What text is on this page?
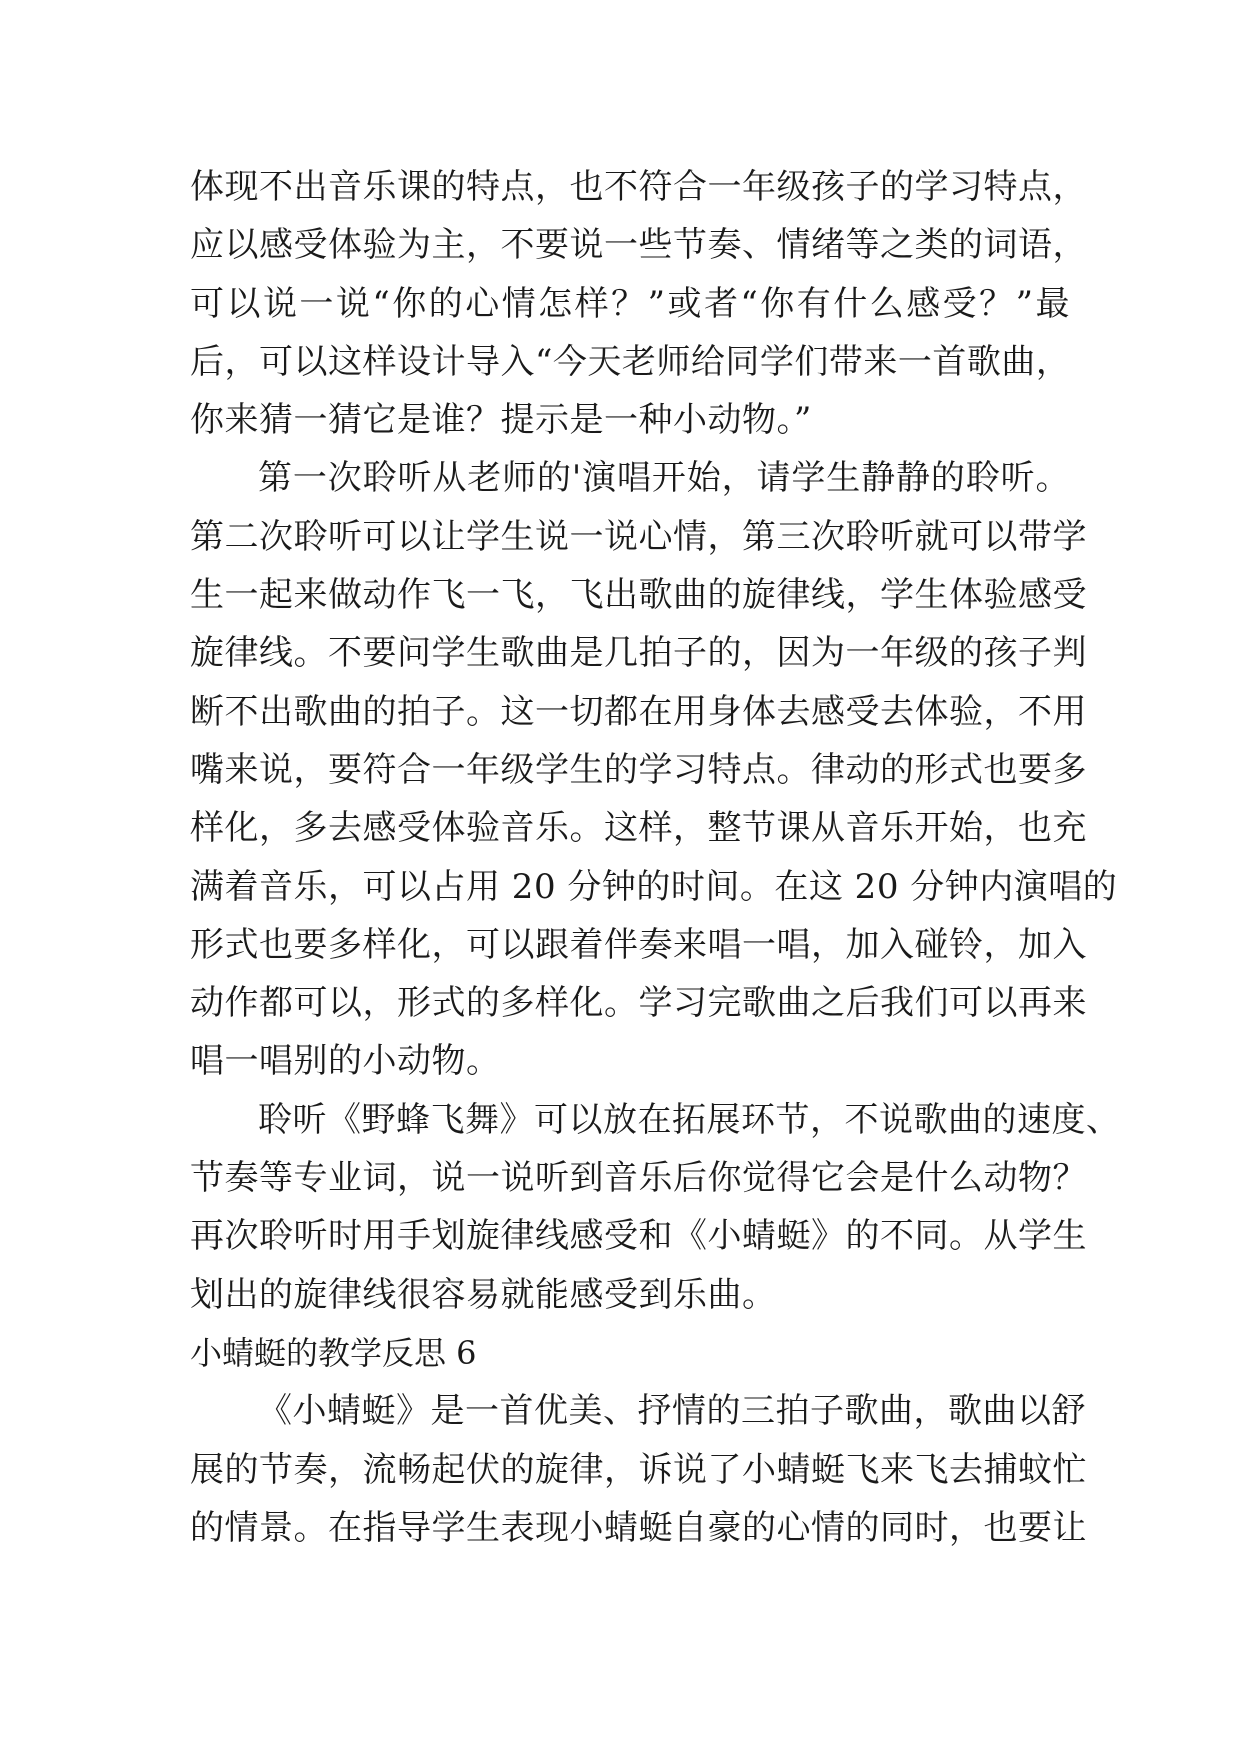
体现不出音乐课的特点，也不符合一年级孩子的学习特点，
应以感受体验为主，不要说一些节奏、情绪等之类的词语，
可以说一说“你的心情怎样？”或者“你有什么感受？”最
后，可以这样设计导入“今天老师给同学们带来一首歌曲，
你来猜一猜它是谁？提示是一种小动物。”
第一次聆听从老师的'演唱开始，请学生静静的聆听。
第二次聆听可以让学生说一说心情，第三次聆听就可以带学
生一起来做动作飞一飞，飞出歌曲的旋律线，学生体验感受
旋律线。不要问学生歌曲是几拍子的，因为一年级的孩子判
断不出歌曲的拍子。这一切都在用身体去感受去体验，不用
嘴来说，要符合一年级学生的学习特点。律动的形式也要多
样化，多去感受体验音乐。这样，整节课从音乐开始，也充
满着音乐，可以占用 20 分钟的时间。在这 20 分钟内演唱的
形式也要多样化，可以跟着伴奏来唱一唱，加入碰铃，加入
动作都可以，形式的多样化。学习完歌曲之后我们可以再来
唱一唱别的小动物。
聆听《野蜂飞舞》可以放在拓展环节，不说歌曲的速度、
节奏等专业词，说一说听到音乐后你觉得它会是什么动物？
再次聆听时用手划旋律线感受和《小蜻蜓》的不同。从学生
划出的旋律线很容易就能感受到乐曲。
小蜻蜓的教学反思 6
《小蜻蜓》是一首优美、抒情的三拍子歌曲，歌曲以舒
展的节奏，流畅起伏的旋律，诉说了小蜻蜓飞来飞去捕蚊忙
的情景。在指导学生表现小蜻蜓自豪的心情的同时，也要让
